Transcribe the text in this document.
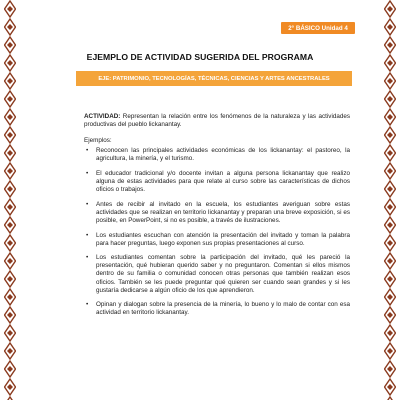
2° BÁSICO Unidad 4
EJEMPLO DE ACTIVIDAD SUGERIDA DEL PROGRAMA
EJE: PATRIMONIO, TECNOLOGÍAS, TÉCNICAS, CIENCIAS Y ARTES ANCESTRALES
ACTIVIDAD: Representan la relación entre los fenómenos de la naturaleza y las actividades productivas del pueblo lickanantay.
Ejemplos:
• Reconocen las principales actividades económicas de los lickanantay: el pastoreo, la agricultura, la minería, y el turismo.
• El educador tradicional y/o docente invitan a alguna persona lickanantay que realizo alguna de estas actividades para que relate al curso sobre las características de dichos oficios o trabajos.
• Antes de recibir al invitado en la escuela, los estudiantes averiguan sobre estas actividades que se realizan en territorio lickanantay y preparan una breve exposición, si es posible, en PowerPoint, si no es posible, a través de ilustraciones.
• Los estudiantes escuchan con atención la presentación del invitado y toman la palabra para hacer preguntas, luego exponen sus propias presentaciones al curso.
• Los estudiantes comentan sobre la participación del invitado, qué les pareció la presentación, qué hubieran querido saber y no preguntaron. Comentan si ellos mismos dentro de su familia o comunidad conocen otras personas que también realizan esos oficios. También se les puede preguntar qué quieren ser cuando sean grandes y si les gustaría dedicarse a algún oficio de los que aprendieron.
• Opinan y dialogan sobre la presencia de la minería, lo bueno y lo malo de contar con esa actividad en territorio lickanantay.
